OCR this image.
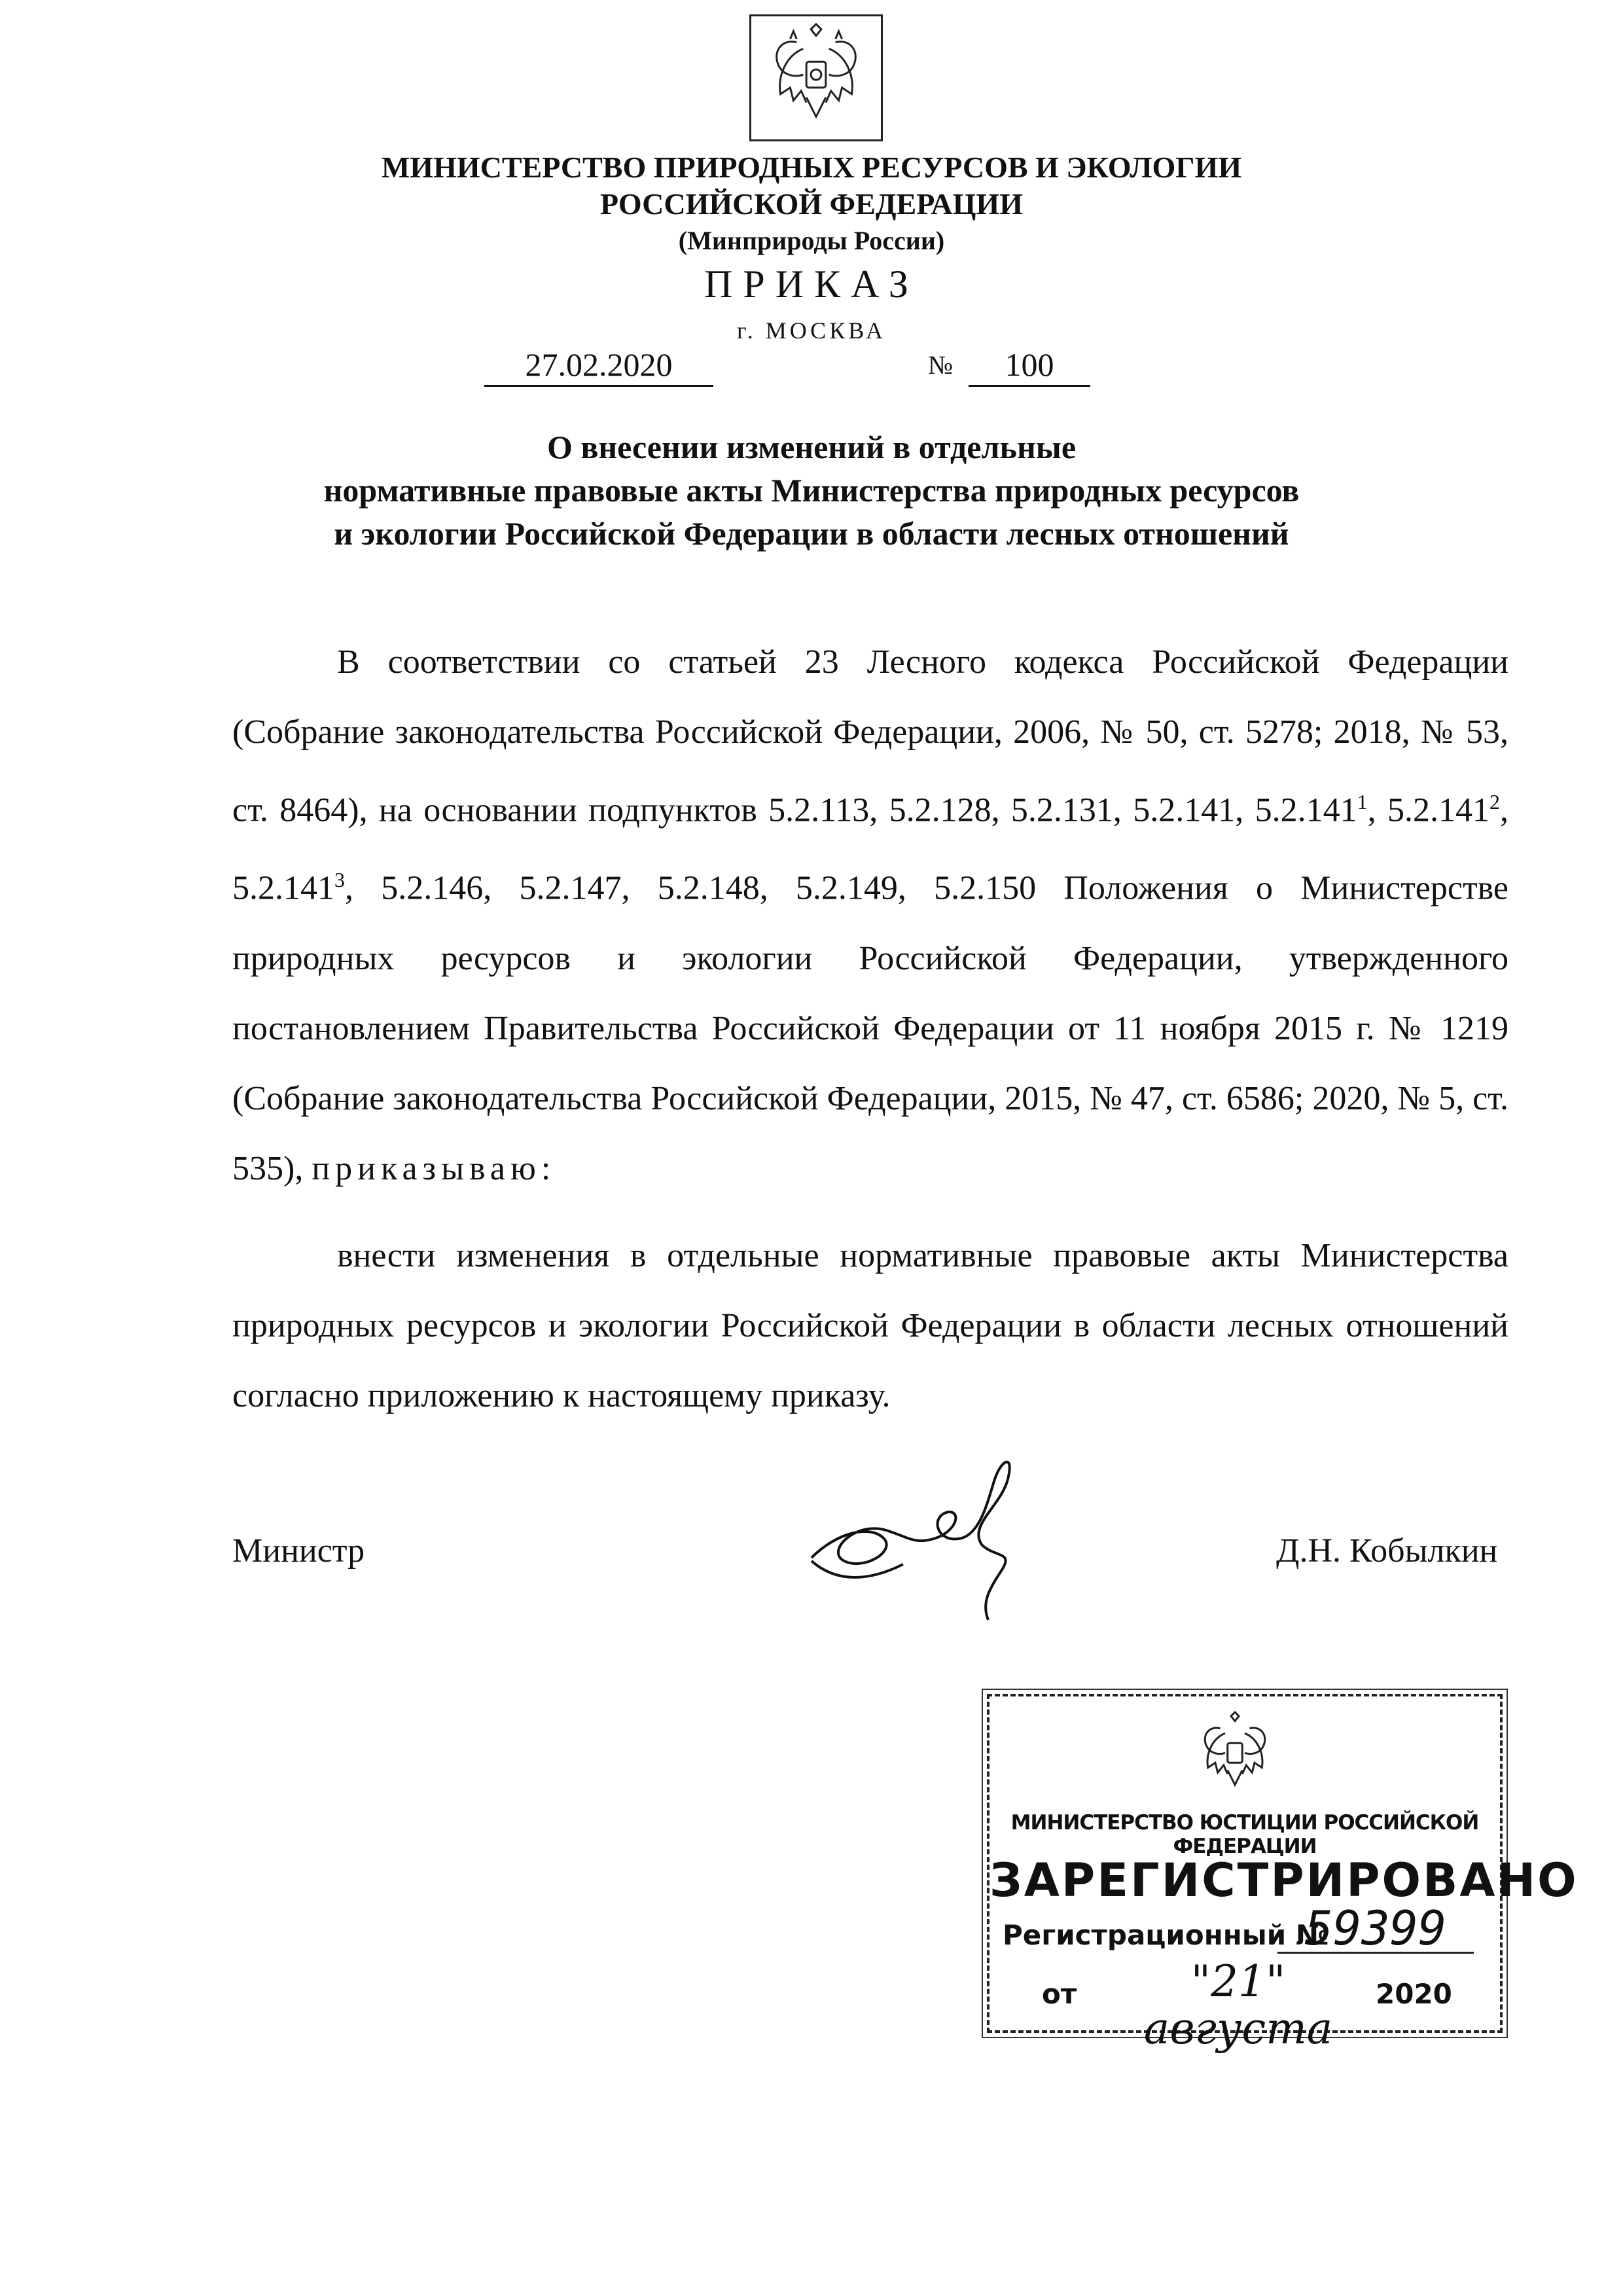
МИНИСТЕРСТВО ПРИРОДНЫХ РЕСУРСОВ И ЭКОЛОГИИ
РОССИЙСКОЙ ФЕДЕРАЦИИ
(Минприроды России)
ПРИКАЗ
г. МОСКВА
27.02.2020	№	100
О внесении изменений в отдельные
нормативные правовые акты Министерства природных ресурсов
и экологии Российской Федерации в области лесных отношений
В соответствии со статьей 23 Лесного кодекса Российской Федерации (Собрание законодательства Российской Федерации, 2006, № 50, ст. 5278; 2018, № 53, ст. 8464), на основании подпунктов 5.2.113, 5.2.128, 5.2.131, 5.2.141, 5.2.141$^1$, 5.2.141$^2$, 5.2.141$^3$, 5.2.146, 5.2.147, 5.2.148, 5.2.149, 5.2.150 Положения о Министерстве природных ресурсов и экологии Российской Федерации, утвержденного постановлением Правительства Российской Федерации от 11 ноября 2015 г. № 1219 (Собрание законодательства Российской Федерации, 2015, № 47, ст. 6586; 2020, № 5, ст. 535), приказываю:
внести изменения в отдельные нормативные правовые акты Министерства природных ресурсов и экологии Российской Федерации в области лесных отношений согласно приложению к настоящему приказу.
Министр	Д.Н. Кобылкин
МИНИСТЕРСТВО ЮСТИЦИИ РОССИЙСКОЙ ФЕДЕРАЦИИ
ЗАРЕГИСТРИРОВАНО
Регистрационный №
59399
от	"21" августа
2020
